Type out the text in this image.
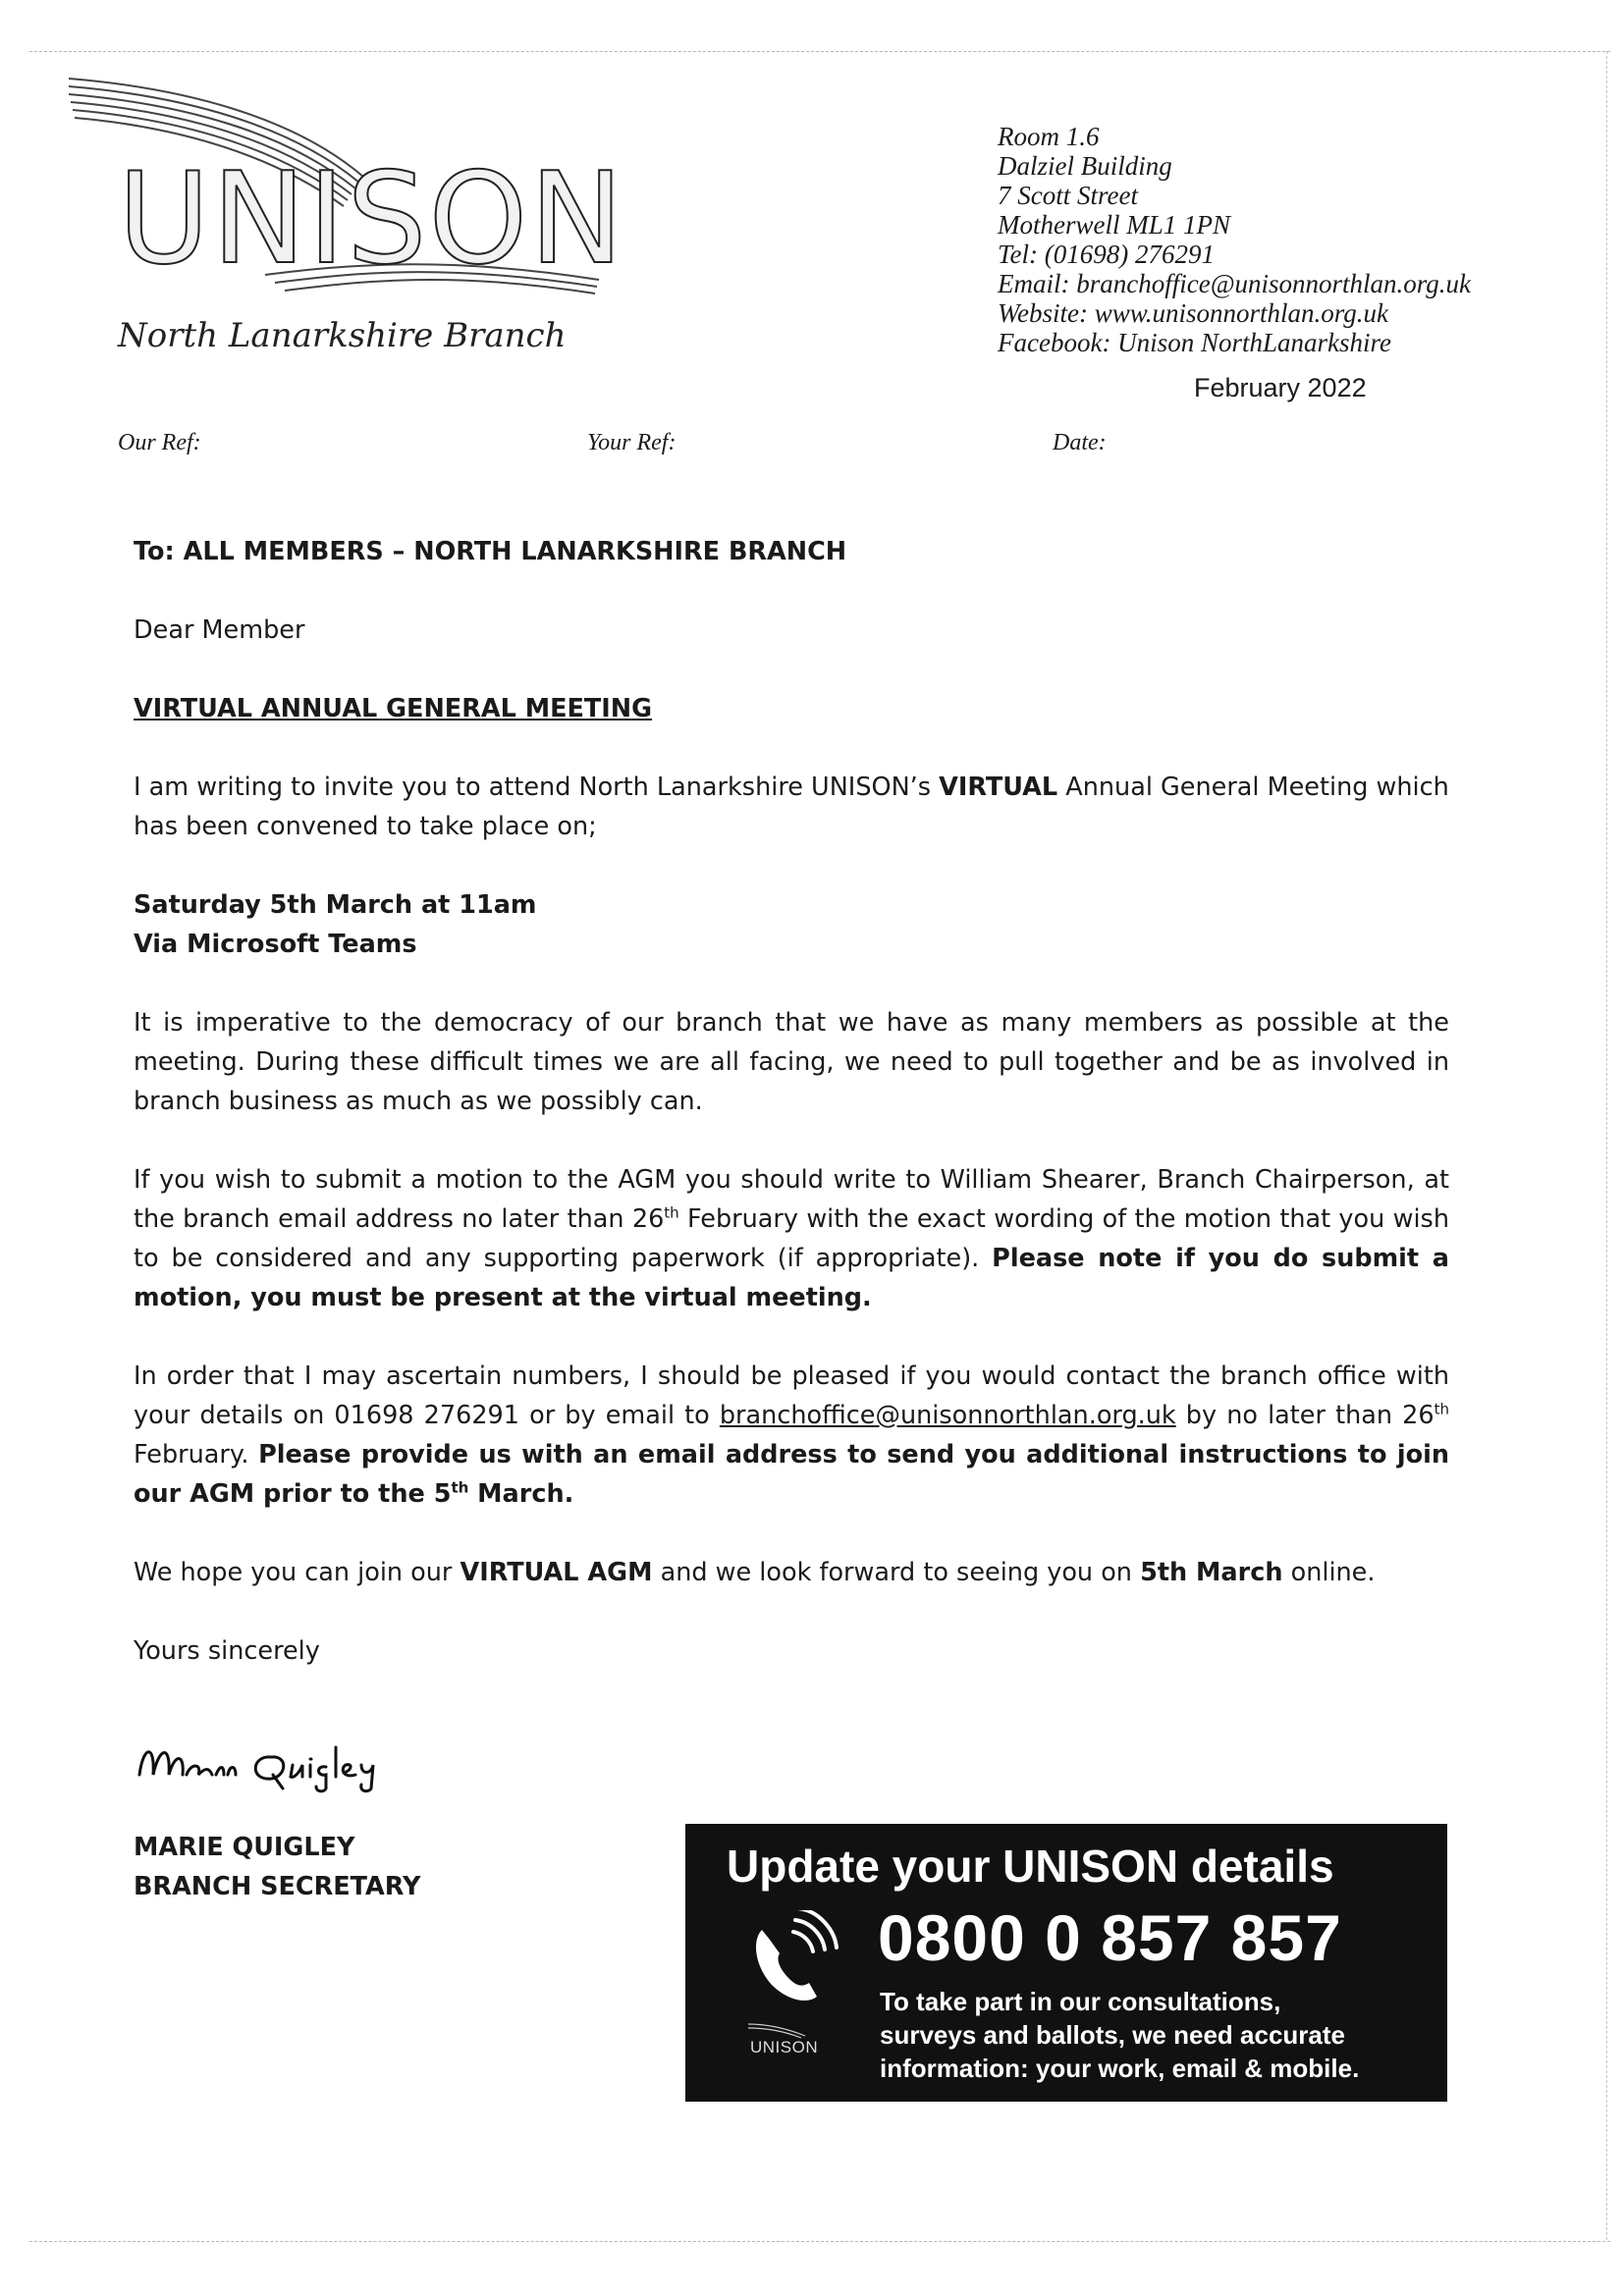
UNISON
North Lanarkshire Branch
Room 1.6
Dalziel Building
7 Scott Street
Motherwell ML1 1PN
Tel: (01698) 276291
Email: branchoffice@unisonnorthlan.org.uk
Website: www.unisonnorthlan.org.uk
Facebook: Unison NorthLanarkshire
February 2022
Our Ref:	Your Ref:	Date:
To: ALL MEMBERS – NORTH LANARKSHIRE BRANCH
Dear Member
VIRTUAL ANNUAL GENERAL MEETING
I am writing to invite you to attend North Lanarkshire UNISON’s VIRTUAL Annual General Meeting which has been convened to take place on;
Saturday 5th March at 11am
Via Microsoft Teams
It is imperative to the democracy of our branch that we have as many members as possible at the meeting. During these difficult times we are all facing, we need to pull together and be as involved in branch business as much as we possibly can.
If you wish to submit a motion to the AGM you should write to William Shearer, Branch Chairperson, at the branch email address no later than 26th February with the exact wording of the motion that you wish to be considered and any supporting paperwork (if appropriate). Please note if you do submit a motion, you must be present at the virtual meeting.
In order that I may ascertain numbers, I should be pleased if you would contact the branch office with your details on 01698 276291 or by email to branchoffice@unisonnorthlan.org.uk by no later than 26th February. Please provide us with an email address to send you additional instructions to join our AGM prior to the 5th March.
We hope you can join our VIRTUAL AGM and we look forward to seeing you on 5th March online.
Yours sincerely
MARIE QUIGLEY
BRANCH SECRETARY	Update your UNISON details
UNISON
0800 0 857 857
To take part in our consultations,
surveys and ballots, we need accurate
information: your work, email & mobile.
